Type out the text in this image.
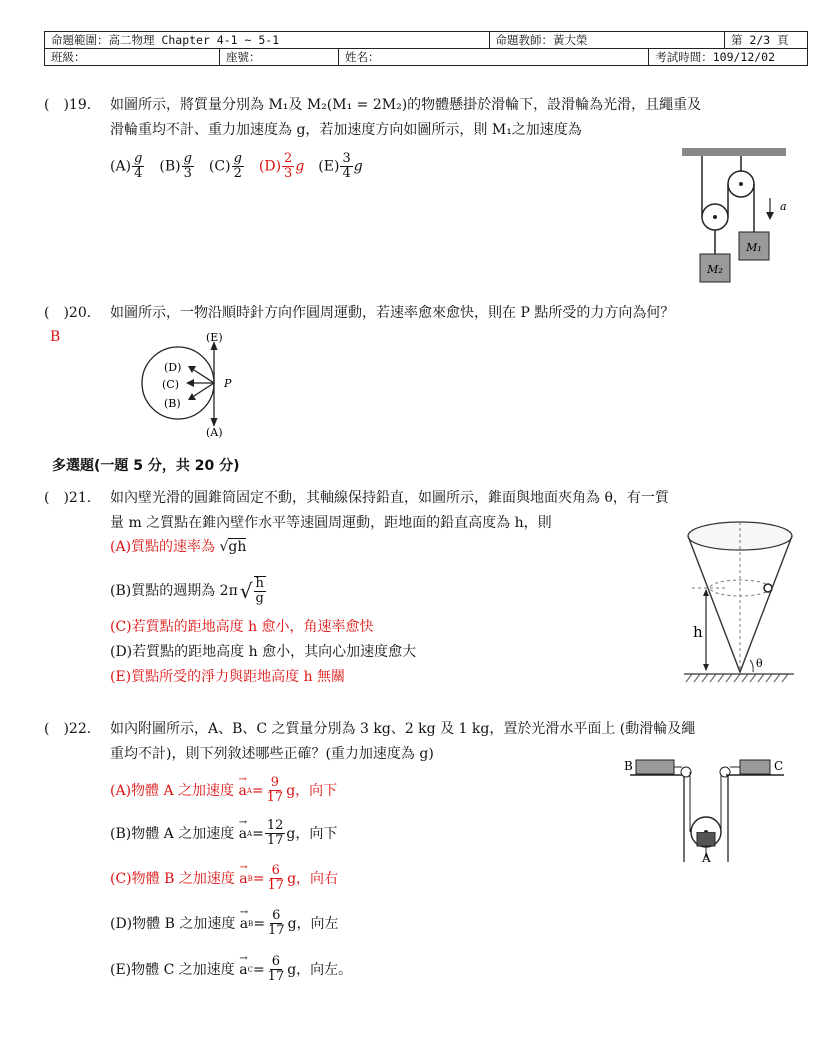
命題範圍：高二物理 Chapter 4-1 ~ 5-1			命題教師：黃大榮		第 2/3 頁
班級：	座號：	姓名：		考試時間：109/12/02	
(　)19. 如圖所示，將質量分別為 M₁及 M₂(M₁ = 2M₂)的物體懸掛於滑輪下，設滑輪為光滑，且繩重及
滑輪重均不計、重力加速度為 g，若加速度方向如圖所示，則 M₁之加速度為
$(A) \frac{g}{4} (B) \frac{g}{3} (C) \frac{g}{2} (D) \frac{2}{3}$ g $(E) \frac{3}{4}$ g
M₂
M₁
a
(　)20. 如圖所示，一物沿順時針方向作圓周運動，若速率愈來愈快，則在 P 點所受的力方向為何？
B	(E)
(D)
(C)
(B)
(A)
P
多選題(一題 5 分，共 20 分)
(　)21. 如內壁光滑的圓錐筒固定不動，其軸線保持鉛直，如圖所示，錐面與地面夾角為 θ，有一質
量 m 之質點在錐內壁作水平等速圓周運動，距地面的鉛直高度為 h，則
(A)質點的速率為 √gh
(B)質點的週期為 2π √ $\frac{h}{g}$
(C)若質點的距地高度 h 愈小，角速率愈快
(D)若質點的距地高度 h 愈小，其向心加速度愈大
(E)質點所受的淨力與距地高度 h 無關
h
θ
(　)22. 如內附圖所示，A、B、C 之質量分別為 3 kg、2 kg 及 1 kg，置於光滑水平面上 (動滑輪及繩
重均不計)，則下列敘述哪些正確？(重力加速度為 g)
(A)物體 A 之加速度
→ a $A = \frac{9}{17}$ g，向下
(B)物體 A 之加速度
→ a $A = \frac{12}{17}$ g，向下
(C)物體 B 之加速度
→ a $B = \frac{6}{17}$ g，向右
(D)物體 B 之加速度
→ a $B = \frac{6}{17}$ g，向左
(E)物體 C 之加速度
→ a $C = \frac{6}{17}$ g，向左。
B	C
A
